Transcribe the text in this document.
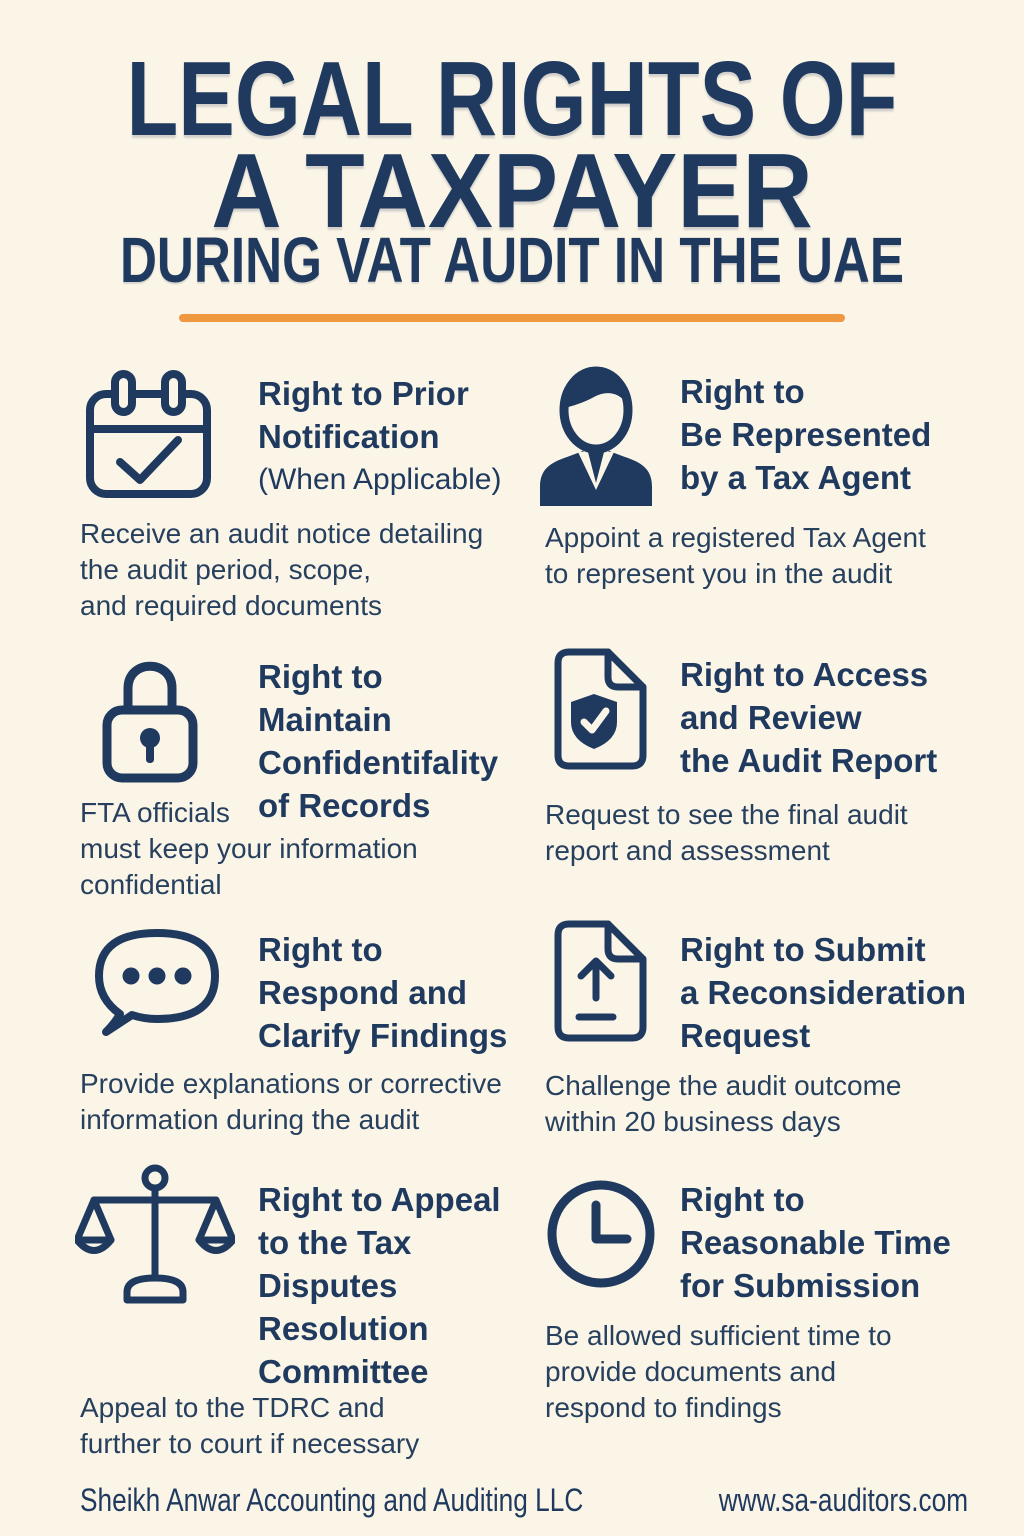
LEGAL RIGHTS OF
A TAXPAYER
DURING VAT AUDIT IN THE UAE
Right to Prior
Notification
(When Applicable)
Receive an audit notice detailing
the audit period, scope,
and required documents
Right to
Be Represented
by a Tax Agent
Appoint a registered Tax Agent
to represent you in the audit
Right to
Maintain
Confidentifality
of Records
FTA officials
must keep your information
confidential
Right to Access
and Review
the Audit Report
Request to see the final audit
report and assessment
Right to
Respond and
Clarify Findings
Provide explanations or corrective
information during the audit
Right to Submit
a Reconsideration
Request
Challenge the audit outcome
within 20 business days
Right to Appeal
to the Tax
Disputes
Resolution
Committee
Appeal to the TDRC and
further to court if necessary
Right to
Reasonable Time
for Submission
Be allowed sufficient time to
provide documents and
respond to findings
Sheikh Anwar Accounting and Auditing LLC	www.sa-auditors.com
